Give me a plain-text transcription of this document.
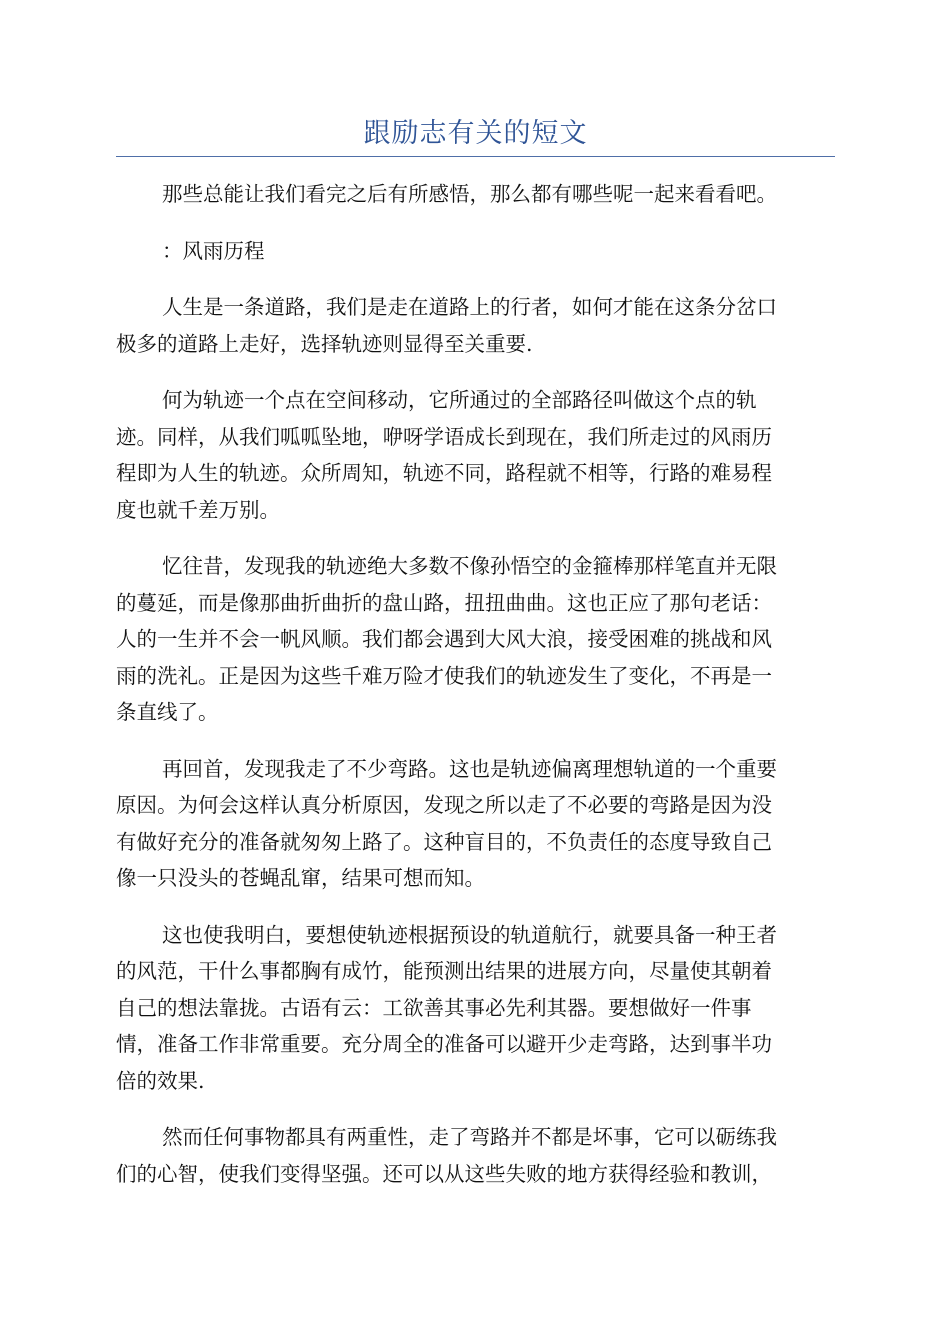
跟励志有关的短文
那些总能让我们看完之后有所感悟，那么都有哪些呢一起来看看吧。
：风雨历程
人生是一条道路，我们是走在道路上的行者，如何才能在这条分岔口
极多的道路上走好，选择轨迹则显得至关重要.
何为轨迹一个点在空间移动，它所通过的全部路径叫做这个点的轨
迹。同样，从我们呱呱坠地，咿呀学语成长到现在，我们所走过的风雨历
程即为人生的轨迹。众所周知，轨迹不同，路程就不相等，行路的难易程
度也就千差万别。
忆往昔，发现我的轨迹绝大多数不像孙悟空的金箍棒那样笔直并无限
的蔓延，而是像那曲折曲折的盘山路，扭扭曲曲。这也正应了那句老话：
人的一生并不会一帆风顺。我们都会遇到大风大浪，接受困难的挑战和风
雨的洗礼。正是因为这些千难万险才使我们的轨迹发生了变化，不再是一
条直线了。
再回首，发现我走了不少弯路。这也是轨迹偏离理想轨道的一个重要
原因。为何会这样认真分析原因，发现之所以走了不必要的弯路是因为没
有做好充分的准备就匆匆上路了。这种盲目的，不负责任的态度导致自己
像一只没头的苍蝇乱窜，结果可想而知。
这也使我明白，要想使轨迹根据预设的轨道航行，就要具备一种王者
的风范，干什么事都胸有成竹，能预测出结果的进展方向，尽量使其朝着
自己的想法靠拢。古语有云：工欲善其事必先利其器。要想做好一件事
情，准备工作非常重要。充分周全的准备可以避开少走弯路，达到事半功
倍的效果.
然而任何事物都具有两重性，走了弯路并不都是坏事，它可以砺练我
们的心智，使我们变得坚强。还可以从这些失败的地方获得经验和教训，
